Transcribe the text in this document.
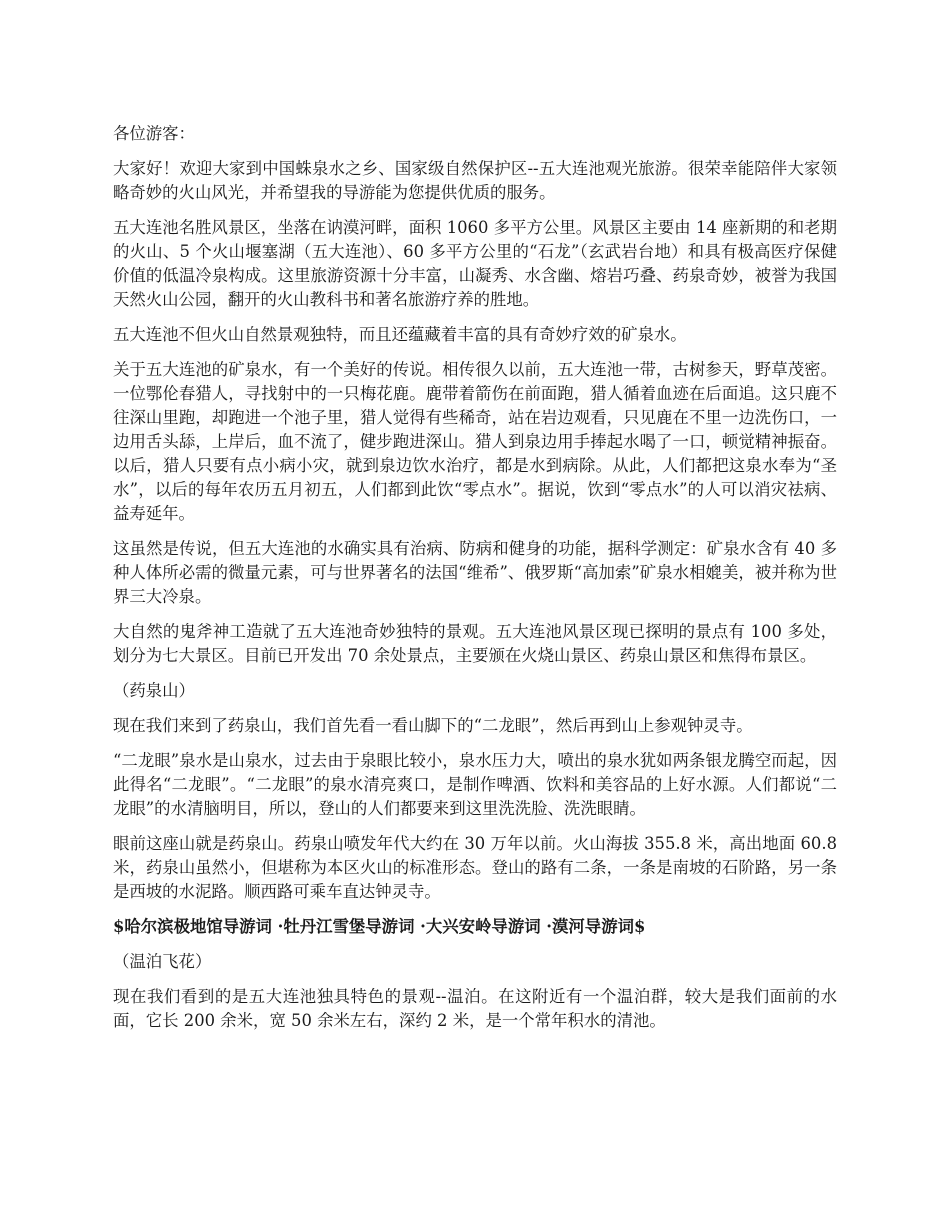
各位游客：

大家好！欢迎大家到中国蛛泉水之乡、国家级自然保护区--五大连池观光旅游。很荣幸能陪伴大家领略奇妙的火山风光，并希望我的导游能为您提供优质的服务。

五大连池名胜风景区，坐落在讷漠河畔，面积 1060 多平方公里。风景区主要由 14 座新期的和老期的火山、5 个火山堰塞湖（五大连池）、60 多平方公里的“石龙”（玄武岩台地）和具有极高医疗保健价值的低温冷泉构成。这里旅游资源十分丰富，山凝秀、水含幽、熔岩巧叠、药泉奇妙，被誉为我国天然火山公园，翻开的火山教科书和著名旅游疗养的胜地。

五大连池不但火山自然景观独特，而且还蕴藏着丰富的具有奇妙疗效的矿泉水。

关于五大连池的矿泉水，有一个美好的传说。相传很久以前，五大连池一带，古树参天，野草茂密。一位鄂伦春猎人，寻找射中的一只梅花鹿。鹿带着箭伤在前面跑，猎人循着血迹在后面追。这只鹿不往深山里跑，却跑进一个池子里，猎人觉得有些稀奇，站在岩边观看，只见鹿在不里一边洗伤口，一边用舌头舔，上岸后，血不流了，健步跑进深山。猎人到泉边用手捧起水喝了一口，顿觉精神振奋。以后，猎人只要有点小病小灾，就到泉边饮水治疗，都是水到病除。从此，人们都把这泉水奉为“圣水”，以后的每年农历五月初五，人们都到此饮“零点水”。据说，饮到“零点水”的人可以消灾祛病、益寿延年。

这虽然是传说，但五大连池的水确实具有治病、防病和健身的功能，据科学测定：矿泉水含有 40 多种人体所必需的微量元素，可与世界著名的法国“维希”、俄罗斯“高加索”矿泉水相媲美，被并称为世界三大冷泉。

大自然的鬼斧神工造就了五大连池奇妙独特的景观。五大连池风景区现已探明的景点有 100 多处，划分为七大景区。目前已开发出 70 余处景点，主要颁在火烧山景区、药泉山景区和焦得布景区。

（药泉山）

现在我们来到了药泉山，我们首先看一看山脚下的“二龙眼”，然后再到山上参观钟灵寺。

“二龙眼”泉水是山泉水，过去由于泉眼比较小，泉水压力大，喷出的泉水犹如两条银龙腾空而起，因此得名“二龙眼”。“二龙眼”的泉水清亮爽口，是制作啤酒、饮料和美容品的上好水源。人们都说“二龙眼”的水清脑明目，所以，登山的人们都要来到这里洗洗脸、洗洗眼睛。

眼前这座山就是药泉山。药泉山喷发年代大约在 30 万年以前。火山海拔 355.8 米，高出地面 60.8 米，药泉山虽然小，但堪称为本区火山的标准形态。登山的路有二条，一条是南坡的石阶路，另一条是西坡的水泥路。顺西路可乘车直达钟灵寺。

$哈尔滨极地馆导游词 ·牡丹江雪堡导游词 ·大兴安岭导游词 ·漠河导游词$

（温泊飞花）

现在我们看到的是五大连池独具特色的景观--温泊。在这附近有一个温泊群，较大是我们面前的水面，它长 200 余米，宽 50 余米左右，深约 2 米，是一个常年积水的清池。
